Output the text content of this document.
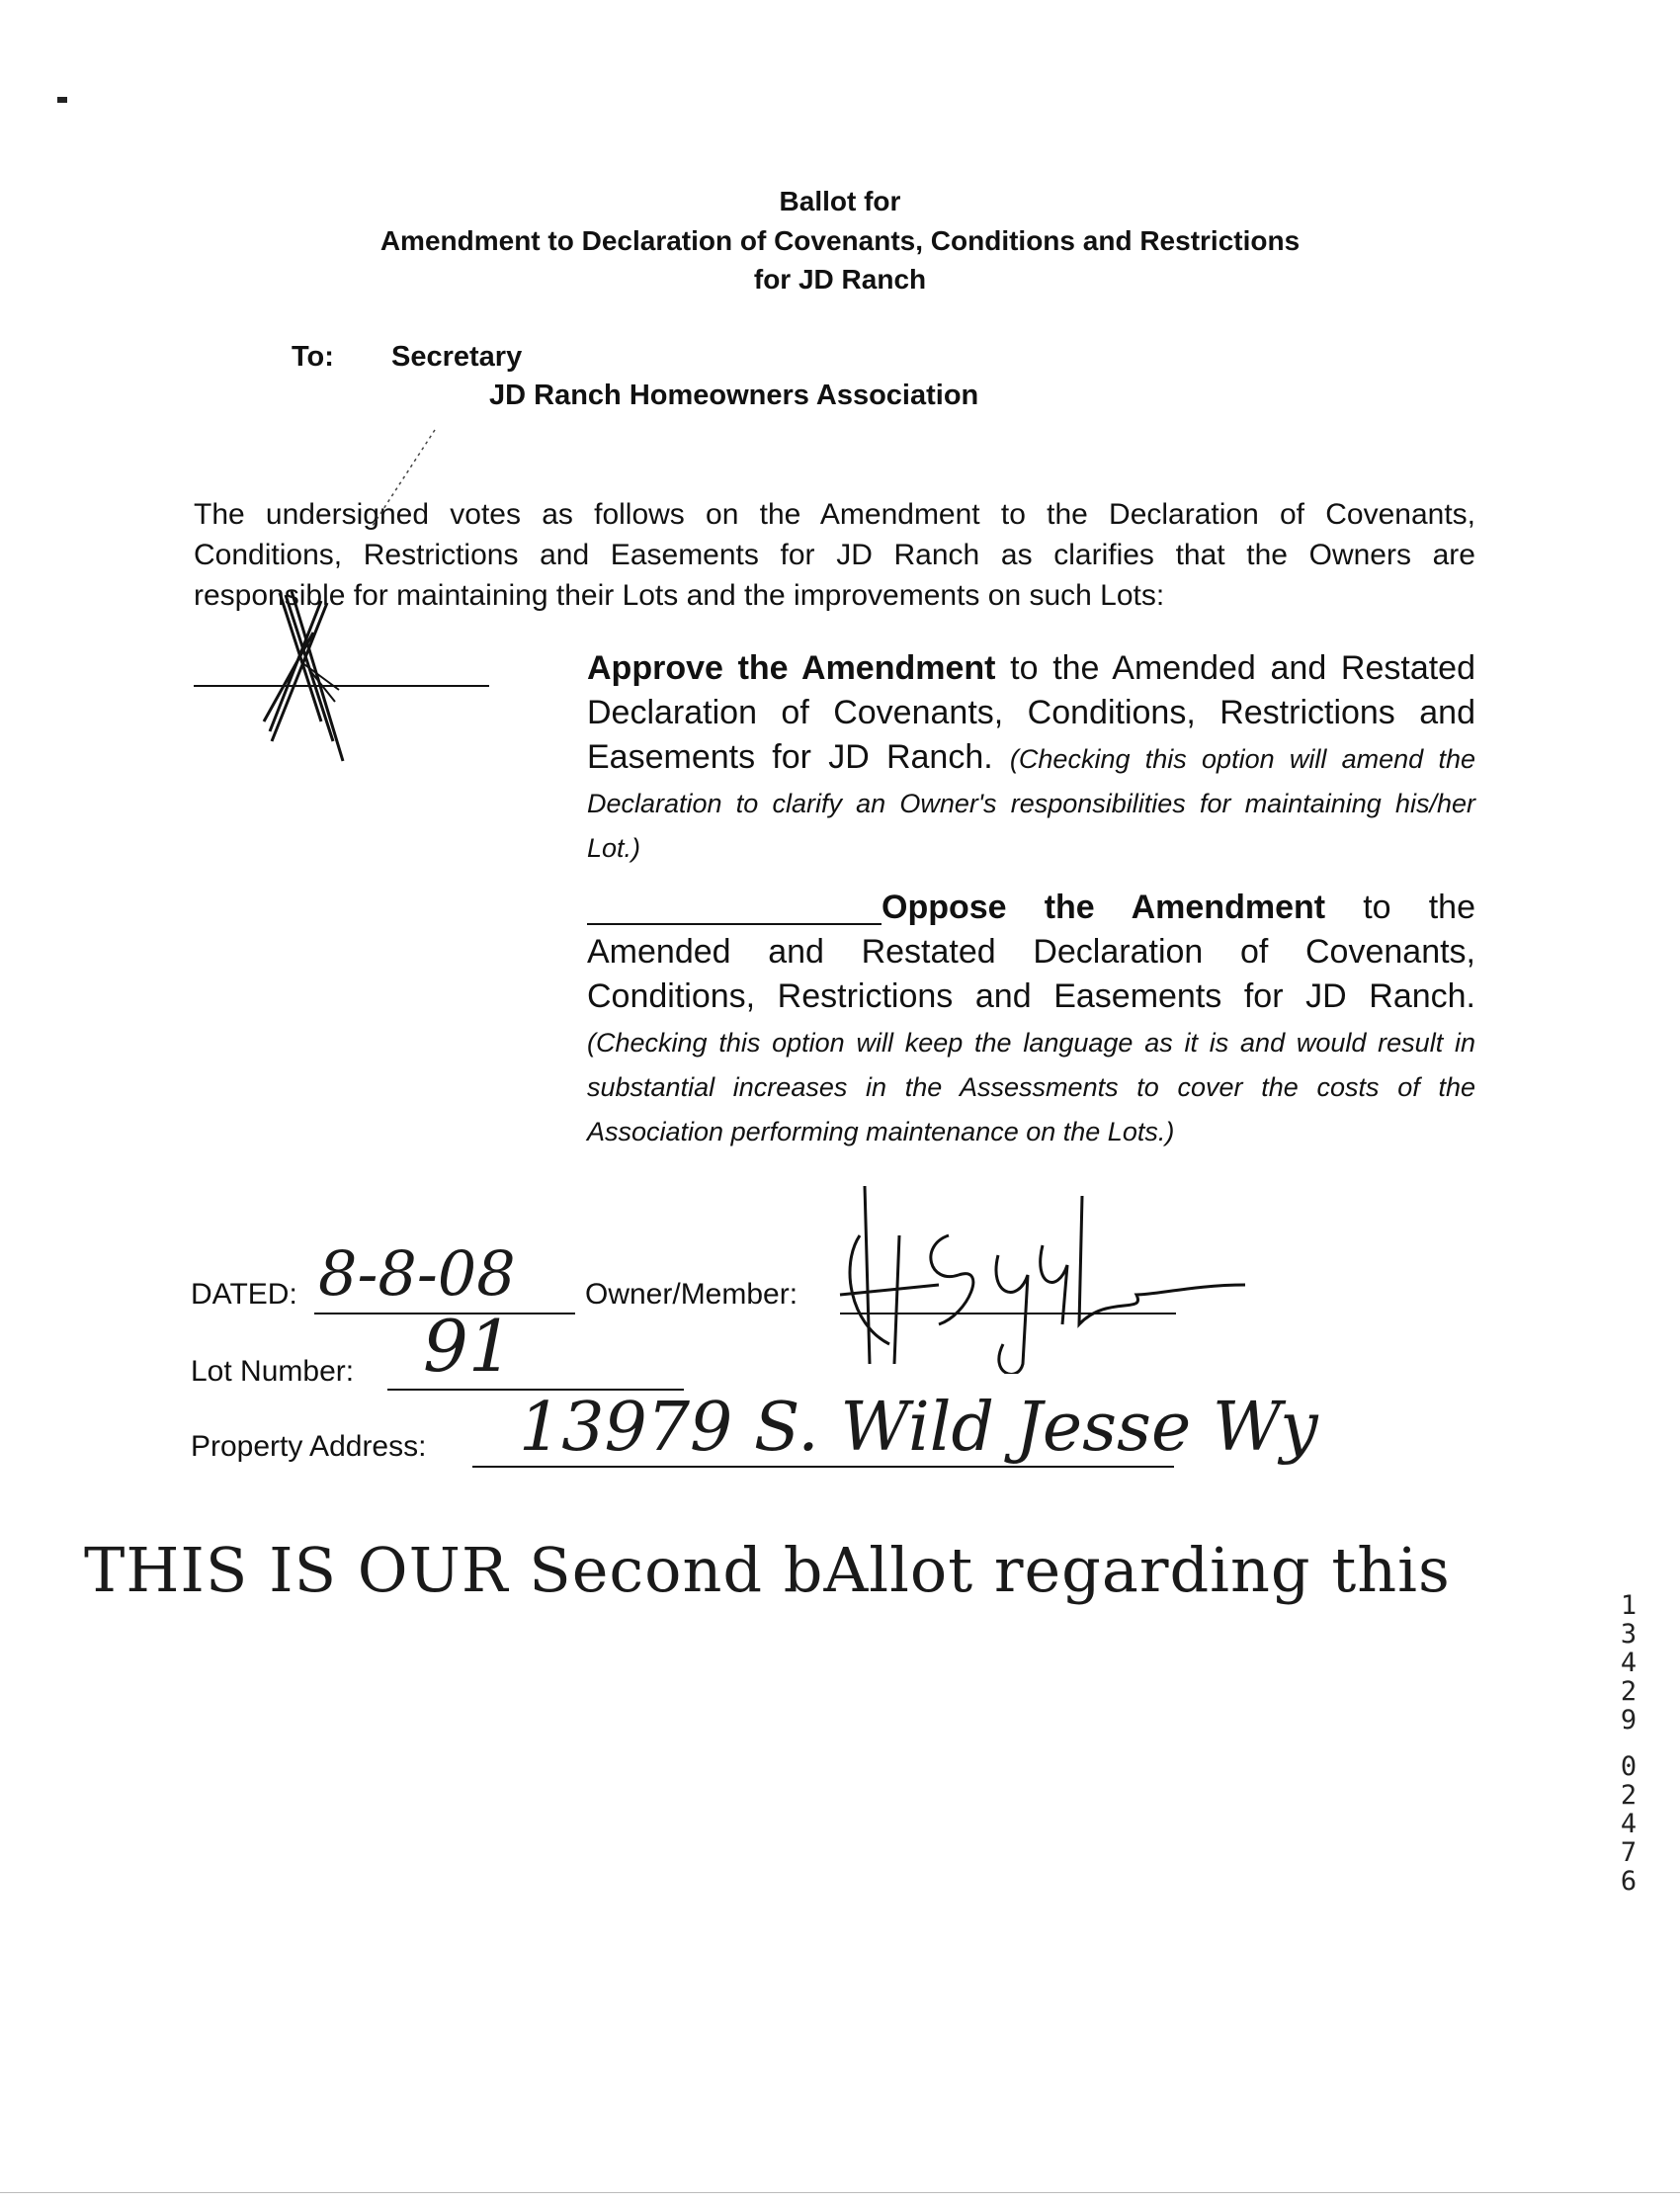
Ballot for
Amendment to Declaration of Covenants, Conditions and Restrictions
for JD Ranch
To: Secretary
JD Ranch Homeowners Association
The undersigned votes as follows on the Amendment to the Declaration of Covenants, Conditions, Restrictions and Easements for JD Ranch as clarifies that the Owners are responsible for maintaining their Lots and the improvements on such Lots:
Approve the Amendment to the Amended and Restated Declaration of Covenants, Conditions, Restrictions and Easements for JD Ranch. (Checking this option will amend the Declaration to clarify an Owner's responsibilities for maintaining his/her Lot.)
Oppose the Amendment to the Amended and Restated Declaration of Covenants, Conditions, Restrictions and Easements for JD Ranch. (Checking this option will keep the language as it is and would result in substantial increases in the Assessments to cover the costs of the Association performing maintenance on the Lots.)
DATED: 8-8-08 Owner/Member:
Lot Number: 91
Property Address: 13979 S. Wild Jesse Wy
THIS IS OUR Second bAllot regarding this	1
3
4
2
9
0
2
4
7
6
